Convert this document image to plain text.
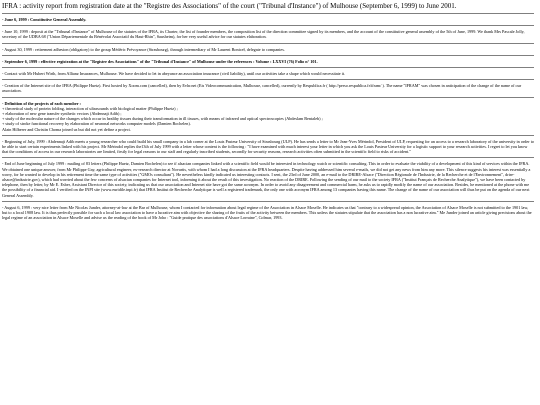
IFRA : activity report from registration date at the "Registre des Associations" of the court ("Tribunal d'Instance") of Mulhouse (September 6, 1999) to June 2001.

- June 6, 1999 : Constitutive General Assembly.

- June 10, 1999 : deposit at the "Tribunal d'Instance" of Mulhouse of the statutes of the IFRA, its Charter, the list of founder members, the composition list of the direction committee signed by its members, and the account of the constitutive general assembly of the 5th of June, 1999. We thank Mrs Pascale Jolly, secretary of the UDBA 68 ("Union Départementale du Bénévolat Associatif du Haut-Rhin", Sausheim), for her very useful advice for our statutes elaboration.

- August 30, 1999 : retirement adhesion (obligatory) to the group Médéric Prévoyance (Strasbourg), through intermediary of Mr Laurent Boniceł, delegate to companies.

- September 6, 1999 : effective registration at the "Registre des Associations" of the "Tribunal d'Instance" of Mulhouse under the references : Volume : LXXVI (76) Folio n° 101.

- Contact with Mr Hubert Wirth, from Allianz Insurances, Mulhouse. We have decided to let in abeyance an association insurance (civil liability), until our activities take a shape which would necessitate it.

- Creation of the Internet site of the IFRA (Philippe Huetz). First hosted by Xoom.com (cancelled), then by Evhr.net (Eis Videocommunication, Mulhouse, cancelled), currently by Respublica.fr ( http://perso.respublica.fr/ifram/ ). The name "IFRAM" was chosen in anticipation of the change of the name of our association.

- Definition of the projects of each member :
+ theoretical study of protein folding, interaction of ultrasounds with biological matter (Philippe Huetz) ;
+ elaboration of new gene transfer synthetic vectors (Abdennaji Adib) ;
+ study of the molecular nature of the changes which occur in healthy tissues during their transformation in ill tissues, with means of infrared and optical spectroscopies (Abdeslam Bentaleb) ;
+ study of stroke functional recovery by elaboration of neuronal networks computer models (Damien Bochelen).
Alain Hilberer and Christin Choma joined us but did not yet define a project.

- Beginning of July, 1999 : Abdennaji Adib meets a young researcher who could build his small company in a lab corner at the Louis Pasteur University of Strasbourg (ULP). He has sends a letter to Mr Jean-Yves Mérindol, President of ULP, requesting for an access to a research laboratory of the university in order to be able to start certain experiments linked with his project. Mr Mérindol replies the13th of July 1999 with a letter whose content is the following : "I have examined with much interest your letter in which you ask the Louis Pasteur University for a logistic support to your research activities. I regret to let you know that the conditions of access in our research laboratories are limited, firstly for legal reasons to our staff and regularly inscribed students, secondly for security reasons, research activities often submitted in the scientific field to risks of accident."

- End of June beginning of July 1999 : mailing of 83 letters (Philippe Huetz, Damien Bochelen) to see if alsacian companies linked with a scientific field would be interested in technology watch or scientific consulting. This in order to evaluate the viability of a development of this kind of services within the IFRA. We obtained one unique answer, from Mr Philippe Gay, agricultural engineer, ex-research director at Novartis, with whom I had a long discussion at the IFRA headquarters. Despite having addressed him several e-mails, we did not get any news from him any more. This silence suggests his interest was essentially a worry, for he wanted to develop in his retirement time the same type of activities ("GMOs consultant"). He nevertheless kindly indicated us interesting contacts. I sent, the 23rd of June 2000, an e-mail to the DRIRE-Alsace ("Direction Régionale de l'Industrie, de la Recherche et de l'Environnement", drire-alsace@industrie.gov), which had worried about the few concerns of alsacian companies for Internet tool, informing it about the result of this investigation. No reaction of the DRIRE. Following the sending of our mail to the society IFRA ("Institut Français de Recherche Analytique"), we have been contacted by telephone, then by letter, by Mr E. Esber, Assistant Director of this society, indicating us that our association and Internet site have got the same acronym. In order to avoid any disagreement and commercial harm, he asks us to rapidly modify the name of our association. Besides, he mentioned at the phone with me the possibility of a financial aid. I verified on the INPI site (www.euridile.inpi.fr) that IFRA Institut de Recherche Analytique is well a registered trademark, the only one with acronym IFRA among 13 companies having this name. The change of the name of our association will thus be put on the agenda of our next General Assembly.

- August 6, 1999 : very nice letter from Me Nicolas Junder, attorney-at-law at the Bar of Mulhouse, whom I contacted for information about legal regime of the Association in Alsace Moselle. He indicates us that "contrary to a widespread opinion, the Association of Alsace Moselle is not submitted to the 1901 law, but to a local 1908 law. It is thus perfectly possible for such a local law association to have a lucrative aim with objective the sharing of the fruits of the activity between the members. This unless the statutes stipulate that the association has a non lucrative aim." Me Junder joined an article giving precisions about the legal regime of an association in Alsace Moselle and advise us the reading of the book of Mr Joho : "Guide pratique des associations d'Alsace Lorraine", Colmar, 1993.
